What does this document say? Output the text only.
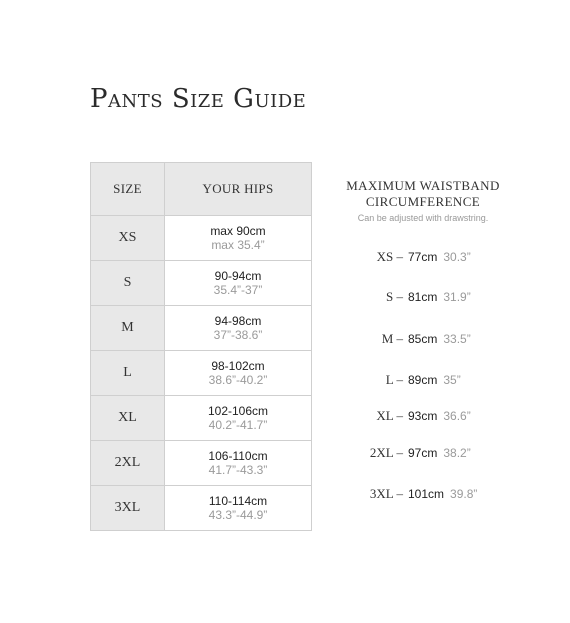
Pants Size Guide
SIZE	YOUR HIPS
XS	max 90cm
max 35.4”

S	90-94cm
35.4”-37”

M	94-98cm
37”-38.6”

L	98-102cm
38.6”-40.2”

XL	102-106cm
40.2”-41.7”

2XL	106-110cm
41.7”-43.3”

3XL	110-114cm
43.3”-44.9”
MAXIMUM WAISTBAND
CIRCUMFERENCE
Can be adjusted with drawstring.
XS – 77cm 30.3”
S – 81cm 31.9”
M – 85cm 33.5”
L – 89cm 35”
XL – 93cm 36.6”
2XL – 97cm 38.2”
3XL – 101cm 39.8”
